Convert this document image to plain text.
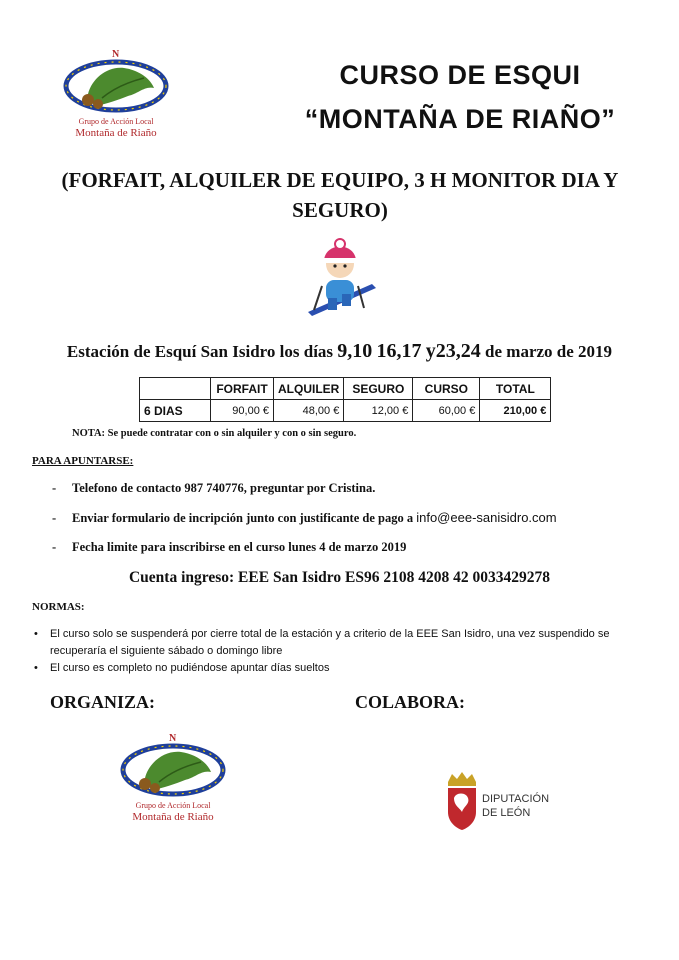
N
Grupo de Acción Local
Montaña de Riaño
CURSO DE ESQUI
“MONTAÑA DE RIAÑO”
(FORFAIT, ALQUILER DE EQUIPO, 3 H MONITOR DIA Y
SEGURO)
Estación de Esquí San Isidro los días 9,10 16,17 y23,24 de marzo de 2019
	FORFAIT	ALQUILER	SEGURO	CURSO	TOTAL
6 DIAS	90,00 €	48,00 €	12,00 €	60,00 €	210,00 €
NOTA: Se puede contratar con o sin alquiler y con o sin seguro.
PARA APUNTARSE:
- Telefono de contacto 987 740776, preguntar por Cristina.
- Enviar formulario de incripción junto con justificante de pago a info@eee-sanisidro.com
- Fecha limite para inscribirse en el curso lunes 4 de marzo 2019
Cuenta ingreso: EEE San Isidro ES96 2108 4208 42 0033429278
NORMAS:
• El curso solo se suspenderá por cierre total de la estación y a criterio de la EEE San Isidro, una vez suspendido se recuperaría el siguiente sábado o domingo libre
• El curso es completo no pudiéndose apuntar días sueltos
ORGANIZA:	COLABORA:
N
Grupo de Acción Local
Montaña de Riaño
DIPUTACIÓN
DE LEÓN
